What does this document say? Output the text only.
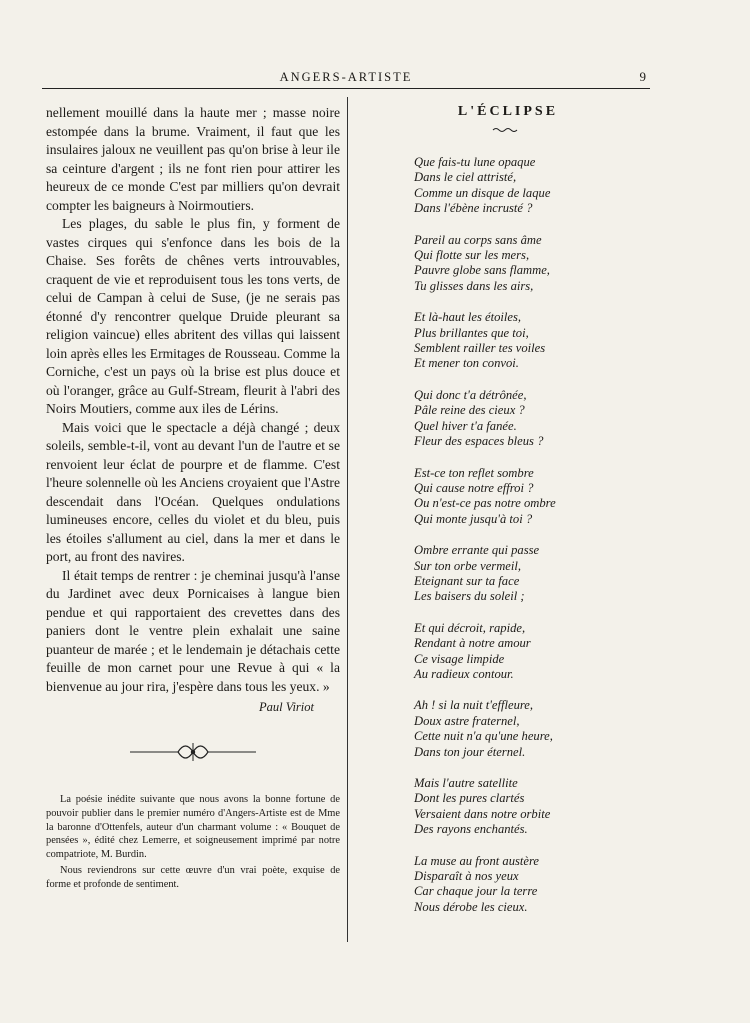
ANGERS-ARTISTE	9

nellement mouillé dans la haute mer ; masse noire estompée dans la brume. Vraiment, il faut que les insulaires jaloux ne veuillent pas qu'on brise à leur ile sa ceinture d'argent ; ils ne font rien pour attirer les heureux de ce monde C'est par milliers qu'on devrait compter les baigneurs à Noirmoutiers.

Les plages, du sable le plus fin, y forment de vastes cirques qui s'enfonce dans les bois de la Chaise. Ses forêts de chênes verts introuvables, craquent de vie et reproduisent tous les tons verts, de celui de Campan à celui de Suse, (je ne serais pas étonné d'y rencontrer quelque Druide pleurant sa religion vaincue) elles abritent des villas qui laissent loin après elles les Ermitages de Rousseau. Comme la Corniche, c'est un pays où la brise est plus douce et où l'oranger, grâce au Gulf-Stream, fleurit à l'abri des Noirs Moutiers, comme aux iles de Lérins.

Mais voici que le spectacle a déjà changé ; deux soleils, semble-t-il, vont au devant l'un de l'autre et se renvoient leur éclat de pourpre et de flamme. C'est l'heure solennelle où les Anciens croyaient que l'Astre descendait dans l'Océan. Quelques ondulations lumineuses encore, celles du violet et du bleu, puis les étoiles s'allument au ciel, dans la mer et dans le port, au front des navires.

Il était temps de rentrer : je cheminai jusqu'à l'anse du Jardinet avec deux Pornicaises à langue bien pendue et qui rapportaient des crevettes dans des paniers dont le ventre plein exhalait une saine puanteur de marée ; et le lendemain je détachais cette feuille de mon carnet pour une Revue à qui « la bienvenue au jour rira, j'espère dans tous les yeux. »

Paul Viriot

La poésie inédite suivante que nous avons la bonne fortune de pouvoir publier dans le premier numéro d'Angers-Artiste est de Mme la baronne d'Ottenfels, auteur d'un charmant volume : « Bouquet de pensées », édité chez Lemerre, et soigneusement imprimé par notre compatriote, M. Burdin.

Nous reviendrons sur cette œuvre d'un vrai poète, exquise de forme et profonde de sentiment.

L'ÉCLIPSE
Que fais-tu lune opaque
Dans le ciel attristé,
Comme un disque de laque
Dans l'ébène incrusté ?
Pareil au corps sans âme
Qui flotte sur les mers,
Pauvre globe sans flamme,
Tu glisses dans les airs,
Et là-haut les étoiles,
Plus brillantes que toi,
Semblent railler tes voiles
Et mener ton convoi.
Qui donc t'a détrônée,
Pâle reine des cieux ?
Quel hiver t'a fanée.
Fleur des espaces bleus ?
Est-ce ton reflet sombre
Qui cause notre effroi ?
Ou n'est-ce pas notre ombre
Qui monte jusqu'à toi ?
Ombre errante qui passe
Sur ton orbe vermeil,
Eteignant sur ta face
Les baisers du soleil ;
Et qui décroit, rapide,
Rendant à notre amour
Ce visage limpide
Au radieux contour.
Ah ! si la nuit t'effleure,
Doux astre fraternel,
Cette nuit n'a qu'une heure,
Dans ton jour éternel.
Mais l'autre satellite
Dont les pures clartés
Versaient dans notre orbite
Des rayons enchantés.
La muse au front austère
Disparaît à nos yeux
Car chaque jour la terre
Nous dérobe les cieux.
